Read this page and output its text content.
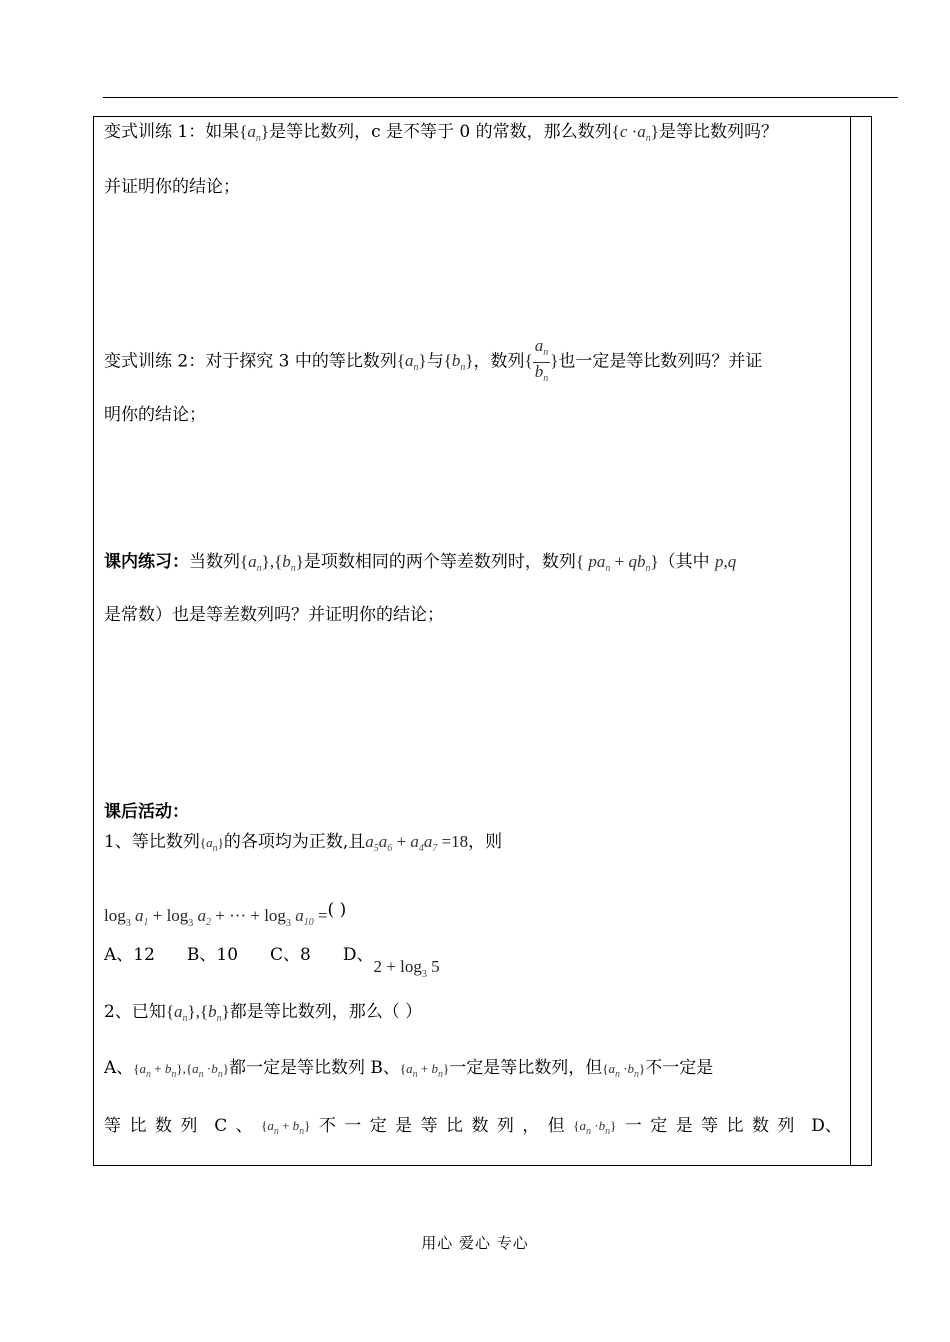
变式训练 1：如果$\{a_n\}$是等比数列，c 是不等于 0 的常数，那么数列$\{c \cdot a_n\}$是等比数列吗？
并证明你的结论；
变式训练 2：对于探究 3 中的等比数列$\{a_n\}$与$\{b_n\}$，数列{ $\frac{a_n}{b_n}$ }也一定是等比数列吗？并证
明你的结论；
课内练习：当数列$\{a_n\},\{b_n\}$是项数相同的两个等差数列时，数列{ $pa_n + qb_n$}（其中 p,q
是常数）也是等差数列吗？并证明你的结论；
课后活动：
1、等比数列$\{a_n\}$的各项均为正数,且$a_5a_6 + a_4a_7 =18$，则
$\log_3 a_1 + \log_3 a_2$ + ··· + $\log_3 a_{10}$ =( )
A、12 B、10 C、8 D、$2 + \log_3 5$
2、已知$\{a_n\},\{b_n\}$都是等比数列，那么（ ）
A、$\{a_n + b_n\},\{a_n \cdot b_n\}$都一定是等比数列 B、$\{a_n + b_n\}$一定是等比数列，但$\{a_n \cdot b_n\}$不一定是
等 比 数 列 C 、 $\{a_n + b_n\}$ 不 一 定 是 等 比 数 列 ， 但 $\{a_n \cdot b_n\}$ 一 定 是 等 比 数 列 D、
用心 爱心 专心
